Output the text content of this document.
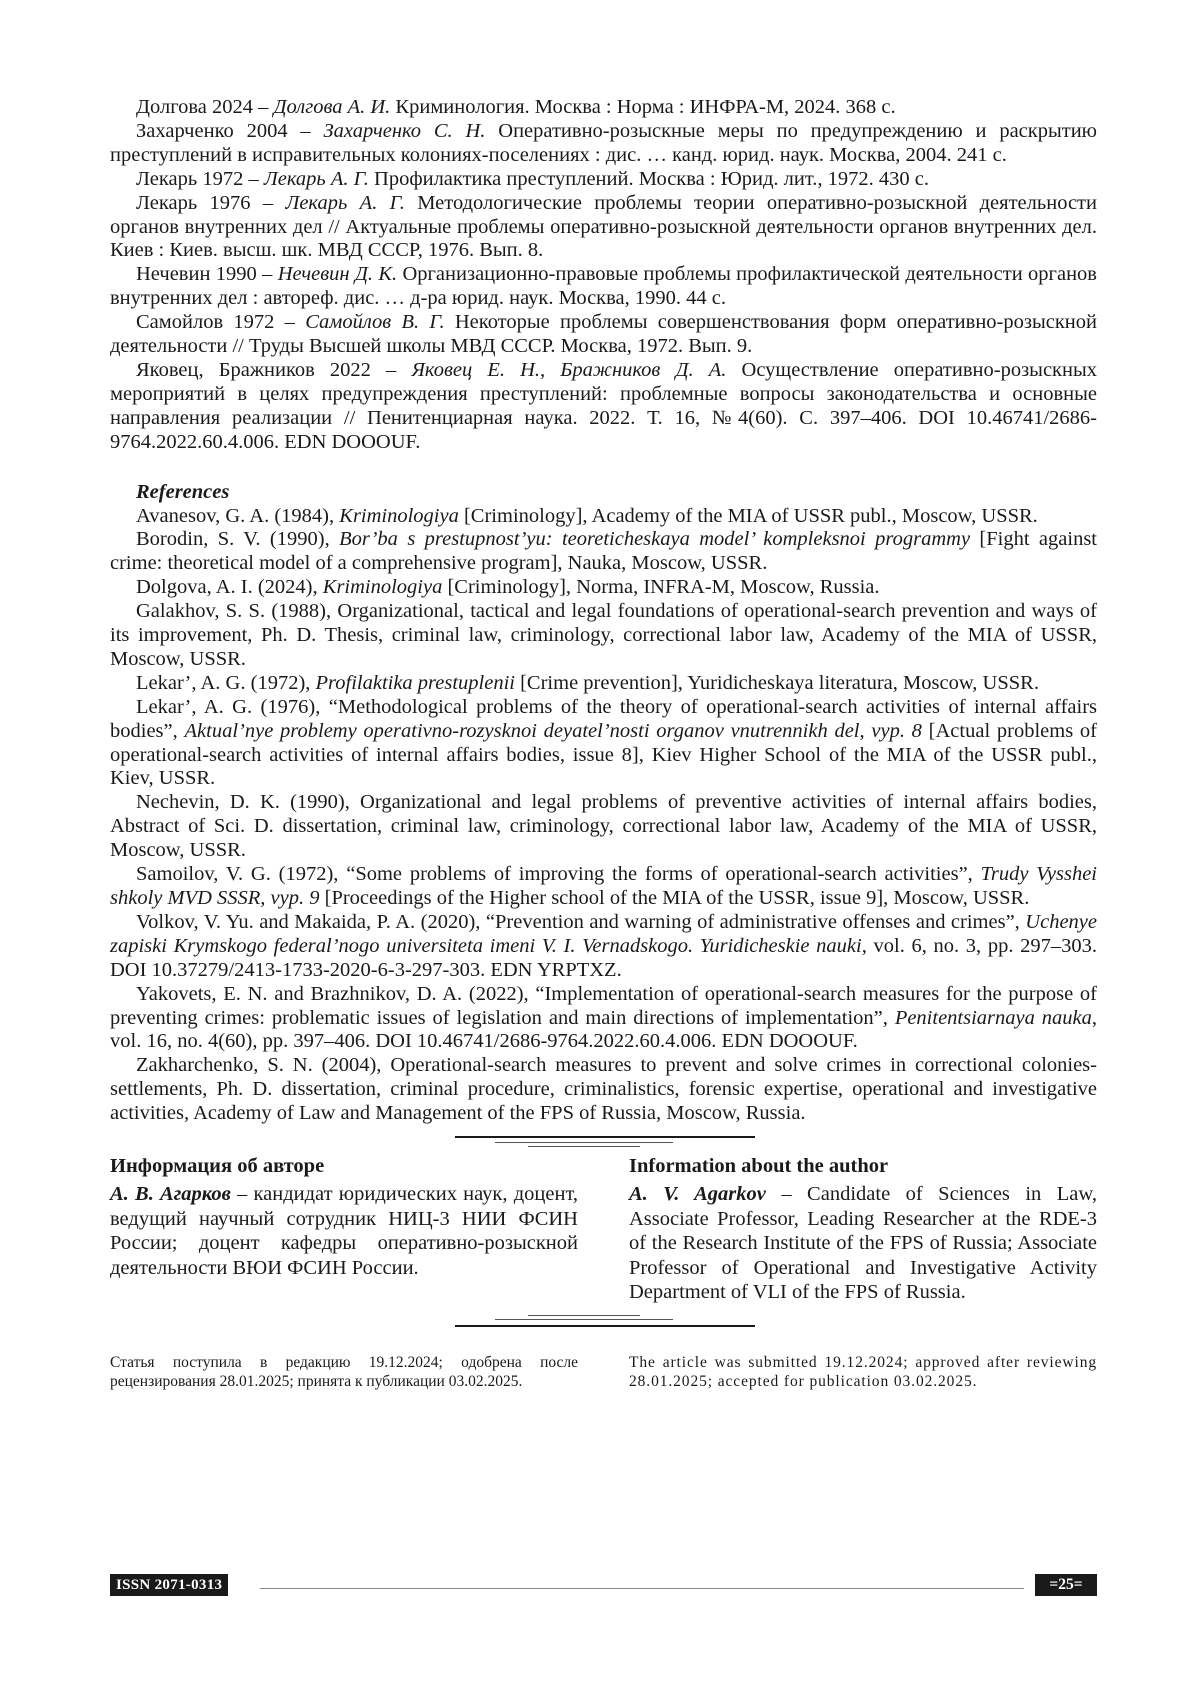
Долгова 2024 – Долгова А. И. Криминология. Москва : Норма : ИНФРА-М, 2024. 368 с.

Захарченко 2004 – Захарченко С. Н. Оперативно-розыскные меры по предупреждению и раскрытию преступлений в исправительных колониях-поселениях : дис. … канд. юрид. наук. Москва, 2004. 241 с.

Лекарь 1972 – Лекарь А. Г. Профилактика преступлений. Москва : Юрид. лит., 1972. 430 с.

Лекарь 1976 – Лекарь А. Г. Методологические проблемы теории оперативно-розыскной деятельности органов внутренних дел // Актуальные проблемы оперативно-розыскной деятельности органов внутренних дел. Киев : Киев. высш. шк. МВД СССР, 1976. Вып. 8.

Нечевин 1990 – Нечевин Д. К. Организационно-правовые проблемы профилактической деятельности органов внутренних дел : автореф. дис. … д-ра юрид. наук. Москва, 1990. 44 с.

Самойлов 1972 – Самойлов В. Г. Некоторые проблемы совершенствования форм оперативно-розыскной деятельности // Труды Высшей школы МВД СССР. Москва, 1972. Вып. 9.

Яковец, Бражников 2022 – Яковец Е. Н., Бражников Д. А. Осуществление оперативно-розыскных мероприятий в целях предупреждения преступлений: проблемные вопросы законодательства и основные направления реализации // Пенитенциарная наука. 2022. Т. 16, №4(60). С. 397–406. DOI 10.46741/2686-9764.2022.60.4.006. EDN DOOOUF.

References

Avanesov, G. A. (1984), Kriminologiya [Criminology], Academy of the MIA of USSR publ., Moscow, USSR.

Borodin, S. V. (1990), Bor’ba s prestupnost’yu: teoreticheskaya model’ kompleksnoi programmy [Fight against crime: theoretical model of a comprehensive program], Nauka, Moscow, USSR.

Dolgova, A. I. (2024), Kriminologiya [Criminology], Norma, INFRA-M, Moscow, Russia.

Galakhov, S. S. (1988), Organizational, tactical and legal foundations of operational-search prevention and ways of its improvement, Ph. D. Thesis, criminal law, criminology, correctional labor law, Academy of the MIA of USSR, Moscow, USSR.

Lekar’, A. G. (1972), Profilaktika prestuplenii [Crime prevention], Yuridicheskaya literatura, Moscow, USSR.

Lekar’, A. G. (1976), “Methodological problems of the theory of operational-search activities of internal affairs bodies”, Aktual’nye problemy operativno-rozysknoi deyatel’nosti organov vnutrennikh del, vyp. 8 [Actual problems of operational-search activities of internal affairs bodies, issue 8], Kiev Higher School of the MIA of the USSR publ., Kiev, USSR.

Nechevin, D. K. (1990), Organizational and legal problems of preventive activities of internal affairs bodies, Abstract of Sci. D. dissertation, criminal law, criminology, correctional labor law, Academy of the MIA of USSR, Moscow, USSR.

Samoilov, V. G. (1972), “Some problems of improving the forms of operational-search activities”, Trudy Vysshei shkoly MVD SSSR, vyp. 9 [Proceedings of the Higher school of the MIA of the USSR, issue 9], Moscow, USSR.

Volkov, V. Yu. and Makaida, P. A. (2020), “Prevention and warning of administrative offenses and crimes”, Uchenye zapiski Krymskogo federal’nogo universiteta imeni V. I. Vernadskogo. Yuridicheskie nauki, vol. 6, no. 3, pp. 297–303. DOI 10.37279/2413-1733-2020-6-3-297-303. EDN YRPTXZ.

Yakovets, E. N. and Brazhnikov, D. A. (2022), “Implementation of operational-search measures for the purpose of preventing crimes: problematic issues of legislation and main directions of implementation”, Penitentsiarnaya nauka, vol. 16, no. 4(60), pp. 397–406. DOI 10.46741/2686-9764.2022.60.4.006. EDN DOOOUF.

Zakharchenko, S. N. (2004), Operational-search measures to prevent and solve crimes in correctional colonies-settlements, Ph. D. dissertation, criminal procedure, criminalistics, forensic expertise, operational and investigative activities, Academy of Law and Management of the FPS of Russia, Moscow, Russia.

Информация об авторе

А. В. Агарков – кандидат юридических наук, доцент, ведущий научный сотрудник НИЦ-3 НИИ ФСИН России; доцент кафедры оперативно-розыскной деятельности ВЮИ ФСИН России.

Information about the author

A. V. Agarkov – Candidate of Sciences in Law, Associate Professor, Leading Researcher at the RDE-3 of the Research Institute of the FPS of Russia; Associate Professor of Operational and Investigative Activity Department of VLI of the FPS of Russia.

Статья поступила в редакцию 19.12.2024; одобрена после рецензирования 28.01.2025; принята к публикации 03.02.2025.

The article was submitted 19.12.2024; approved after reviewing 28.01.2025; accepted for publication 03.02.2025.

ISSN 2071-0313	=25=
